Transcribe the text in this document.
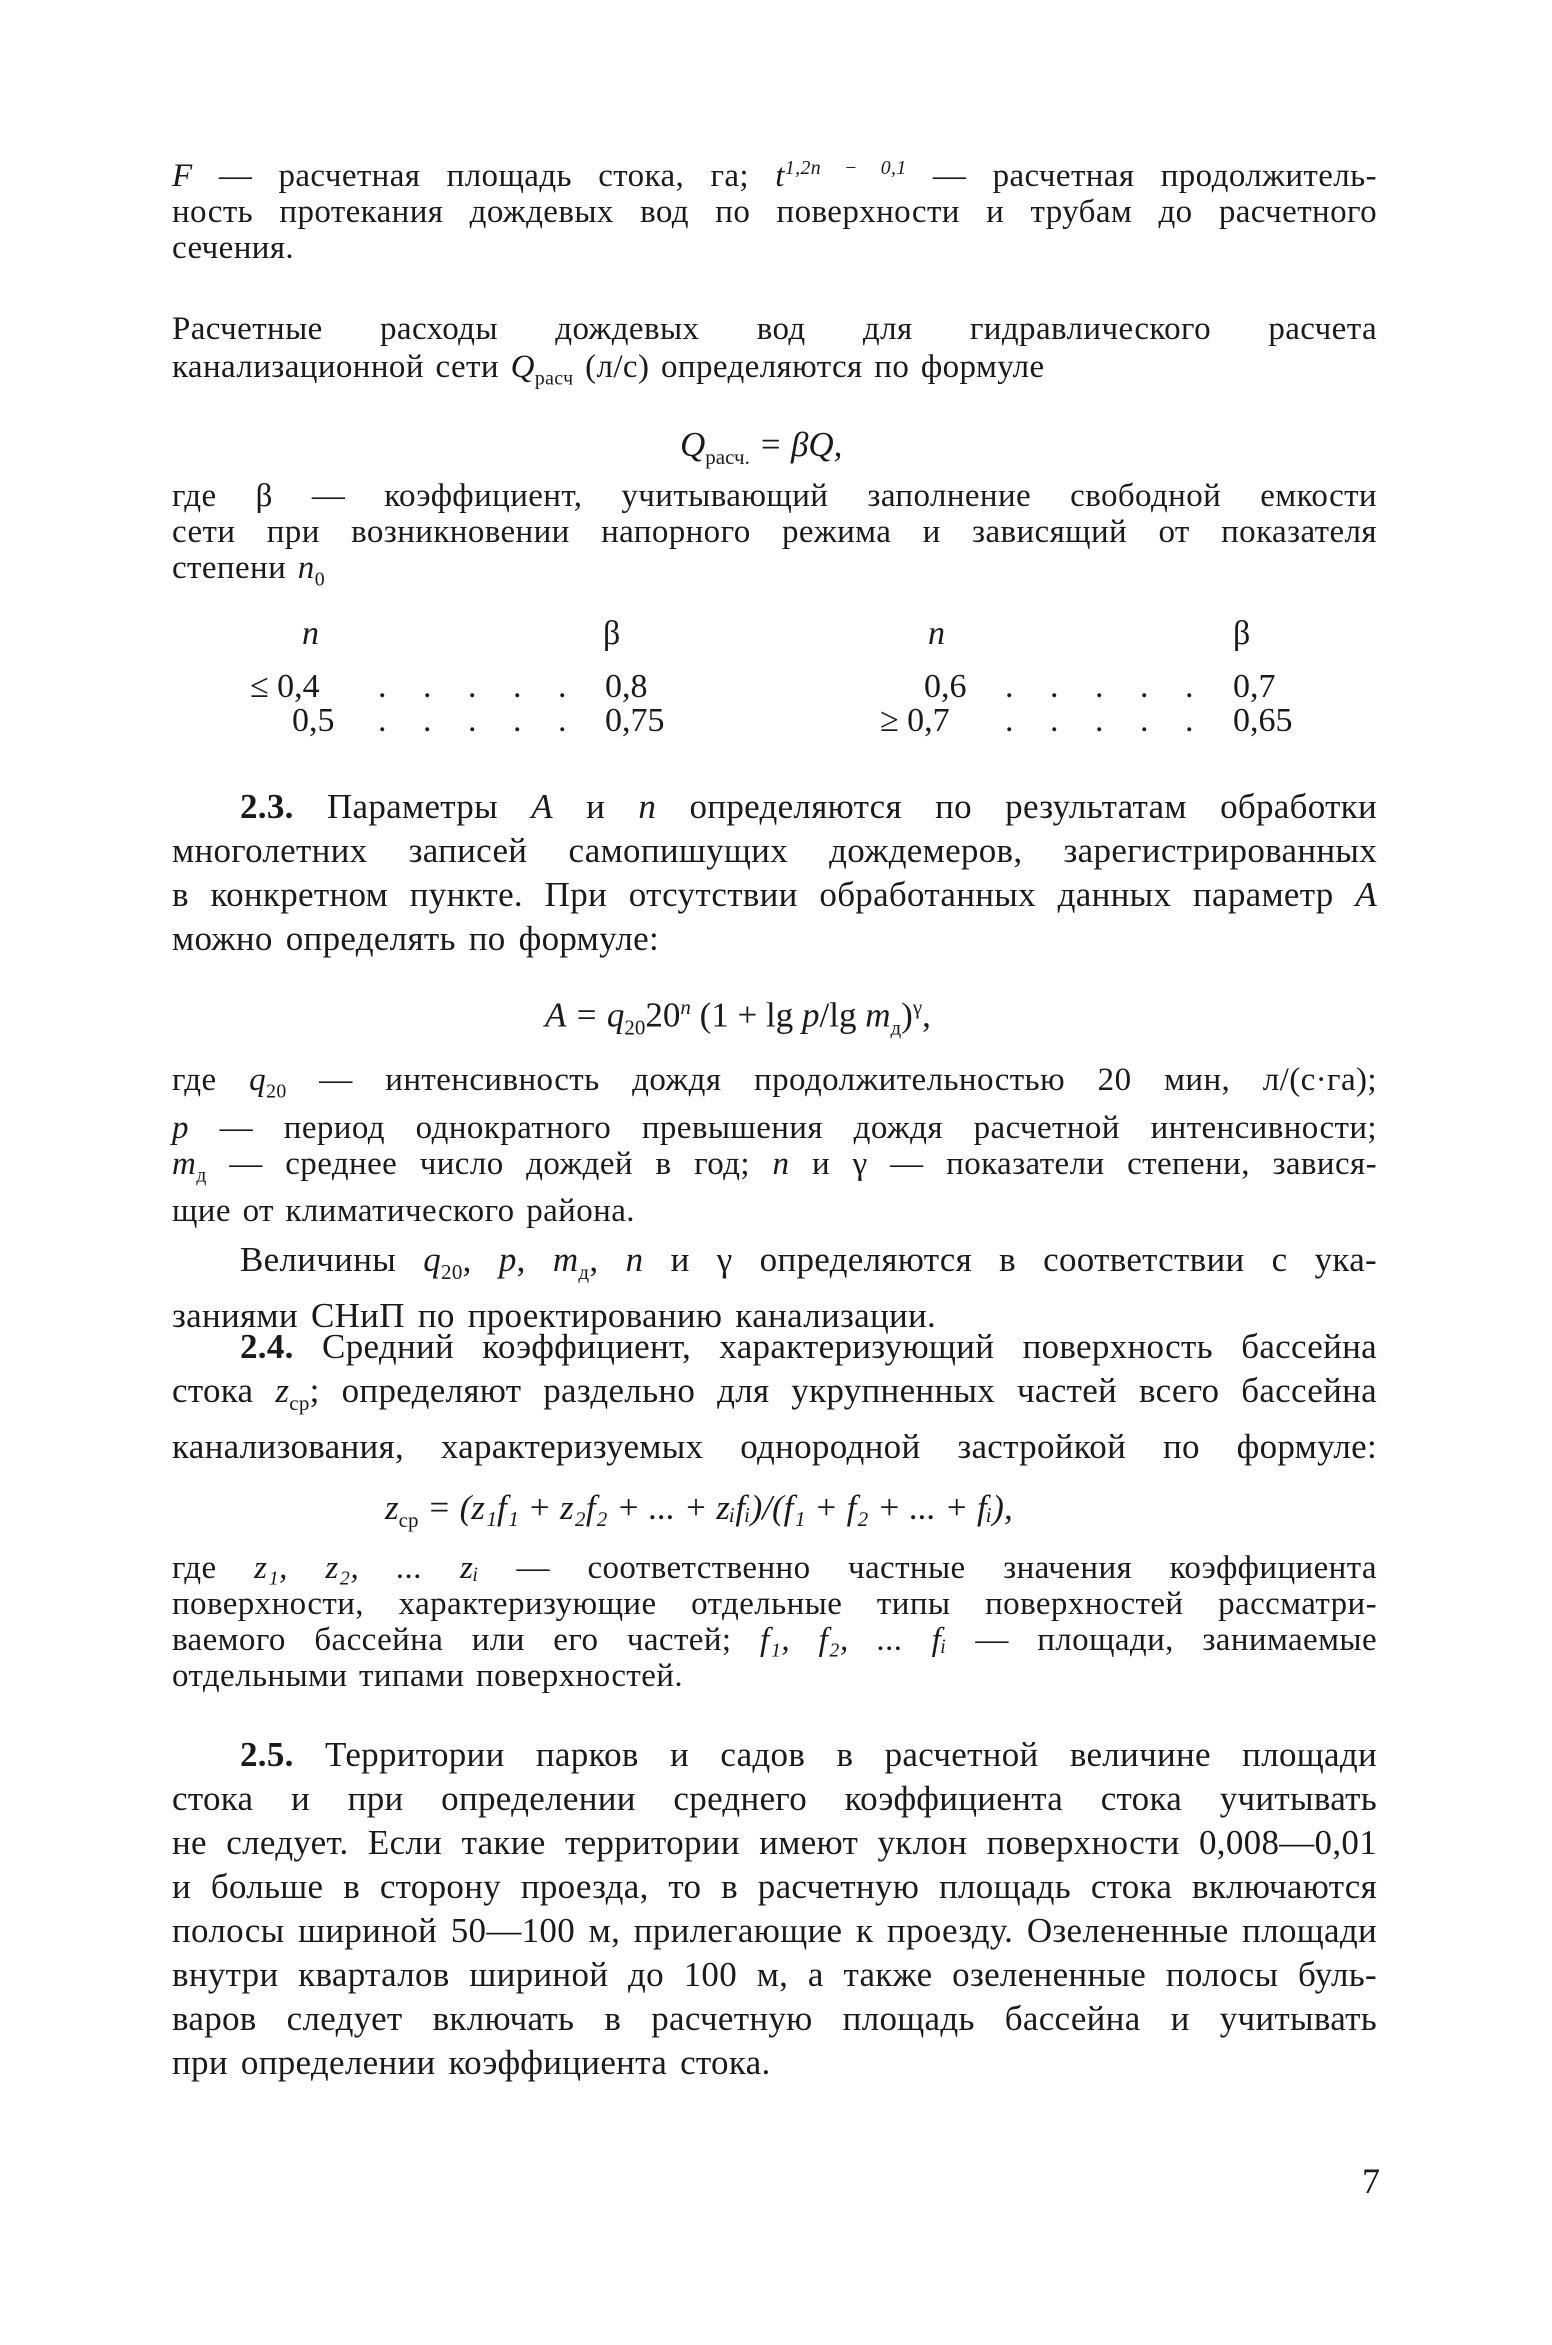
F — расчетная площадь стока, га; $t^{1,2n - 0,1}$ — расчетная продолжитель-
ность протекания дождевых вод по поверхности и трубам до расчетного
сечения.
Расчетные расходы дождевых вод для гидравлического расчета
канализационной сети $Q_{расч}$ (л/с) определяются по формуле
$Q_{расч.} = \beta Q$,
где β — коэффициент, учитывающий заполнение свободной емкости
сети при возникновении напорного режима и зависящий от показателя
степени $n_0$
n	β	n	β
≤ 0,4 . . . . . 0,8	0,6 . . . . . 0,7
0,5 . . . . . 0,75	≥ 0,7 . . . . . 0,65
2.3. Параметры A и n определяются по результатам обработки
многолетних записей самопишущих дождемеров, зарегистрированных
в конкретном пункте. При отсутствии обработанных данных параметр A
можно определять по формуле:
$A = q_{20}20^n$ (1 + lg p/lg $m_д)^\gamma$,
где $q_{20}$ — интенсивность дождя продолжительностью 20 мин, л/(с·га);
p — период однократного превышения дождя расчетной интенсивности;
$m_д$ — среднее число дождей в год; n и γ — показатели степени, завися-
щие от климатического района.
Величины $q_{20}$, p, $m_д$, n и γ определяются в соответствии с ука-
заниями СНиП по проектированию канализации.
2.4. Средний коэффициент, характеризующий поверхность бассейна
стока $z_{ср}$; определяют раздельно для укрупненных частей всего бассейна
канализования, характеризуемых однородной застройкой по формуле:
$z_{ср} = (z_1f_1 + z_2f_2$ + ... + zᵢfᵢ)/(f₁ + f₂ + ... + fᵢ),
где z₁, z₂, ... zᵢ — соответственно частные значения коэффициента
поверхности, характеризующие отдельные типы поверхностей рассматри-
ваемого бассейна или его частей; f₁, f₂, ... fᵢ — площади, занимаемые
отдельными типами поверхностей.
2.5. Территории парков и садов в расчетной величине площади
стока и при определении среднего коэффициента стока учитывать
не следует. Если такие территории имеют уклон поверхности 0,008—0,01
и больше в сторону проезда, то в расчетную площадь стока включаются
полосы шириной 50—100 м, прилегающие к проезду. Озелененные площади
внутри кварталов шириной до 100 м, а также озелененные полосы буль-
варов следует включать в расчетную площадь бассейна и учитывать
при определении коэффициента стока.
7
